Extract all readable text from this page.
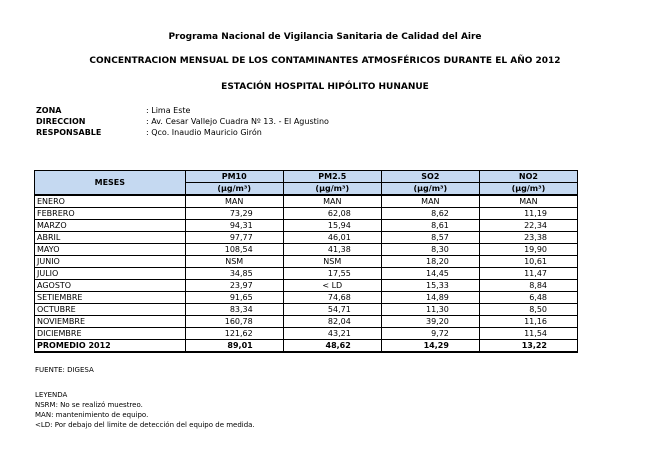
Programa Nacional de Vigilancia Sanitaria de Calidad del Aire
CONCENTRACION MENSUAL DE LOS CONTAMINANTES ATMOSFÉRICOS DURANTE EL AÑO 2012
ESTACIÓN HOSPITAL HIPÓLITO HUNANUE
ZONA	: Lima Este
DIRECCION	: Av. Cesar Vallejo Cuadra Nº 13. - El Agustino
RESPONSABLE	: Qco. Inaudio Mauricio Girón
MESES	PM10	PM2.5	SO2	NO2
	(µg/m³)	(µg/m³)	(µg/m³)	(µg/m³)
ENERO	MAN	MAN	MAN	MAN
FEBRERO	73,29	62,08	8,62	11,19
MARZO	94,31	15,94	8,61	22,34
ABRIL	97,77	46,01	8,57	23,38
MAYO	108,54	41,38	8,30	19,90
JUNIO	NSM	NSM	18,20	10,61
JULIO	34,85	17,55	14,45	11,47
AGOSTO	23,97	< LD	15,33	8,84
SETIEMBRE	91,65	74,68	14,89	6,48
OCTUBRE	83,34	54,71	11,30	8,50
NOVIEMBRE	160,78	82,04	39,20	11,16
DICIEMBRE	121,62	43,21	9,72	11,54
PROMEDIO 2012	89,01	48,62	14,29	13,22
FUENTE: DIGESA
LEYENDA
NSRM: No se realizó muestreo.
MAN: mantenimiento de equipo.
<LD: Por debajo del limite de detección del equipo de medida.
